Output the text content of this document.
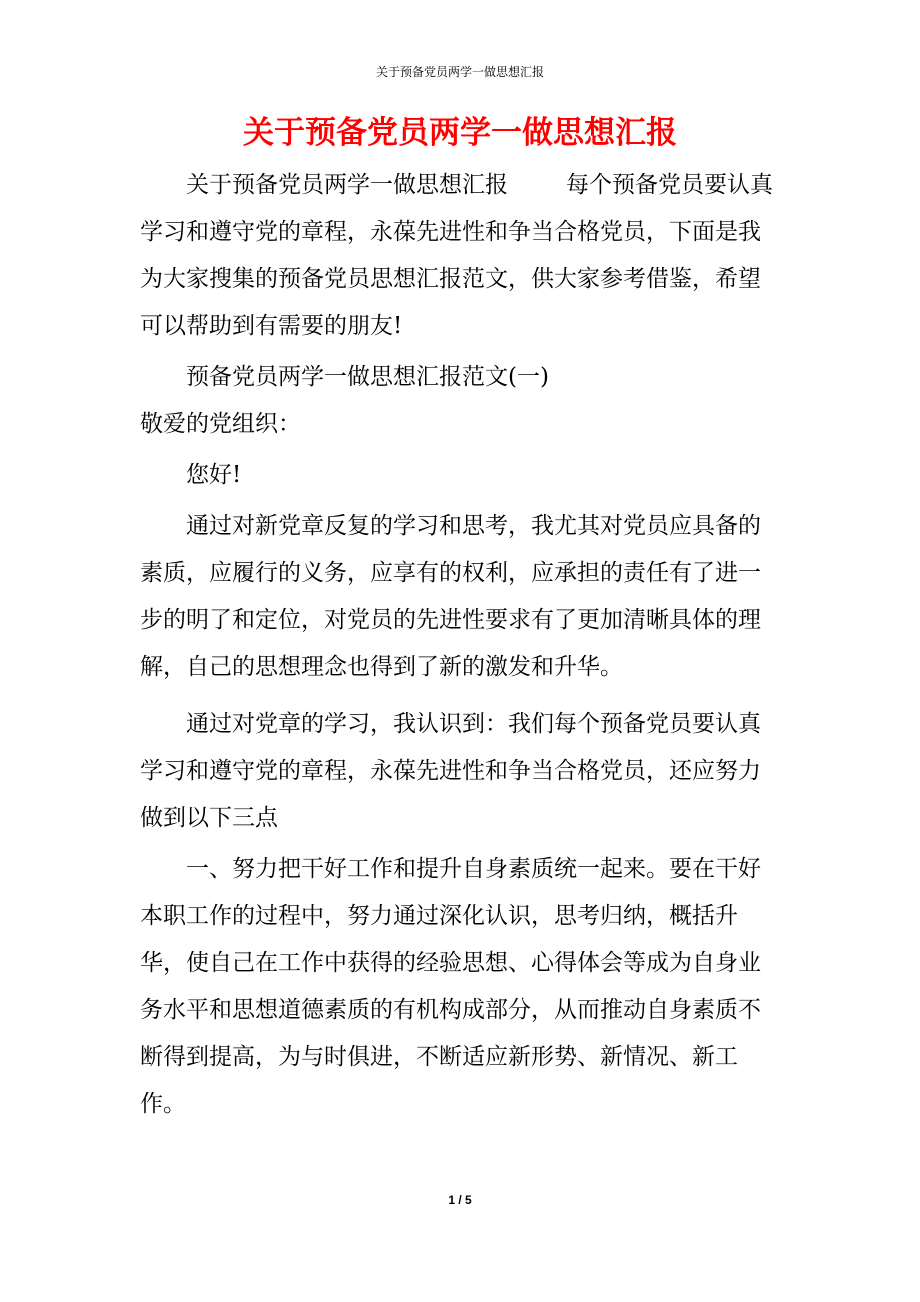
关于预备党员两学一做思想汇报
关于预备党员两学一做思想汇报

关于预备党员两学一做思想汇报	每个预备党员要认真学习和遵守党的章程，永葆先进性和争当合格党员，下面是我为大家搜集的预备党员思想汇报范文，供大家参考借鉴，希望可以帮助到有需要的朋友!

预备党员两学一做思想汇报范文(一)

敬爱的党组织：

您好!

通过对新党章反复的学习和思考，我尤其对党员应具备的素质，应履行的义务，应享有的权利，应承担的责任有了进一步的明了和定位，对党员的先进性要求有了更加清晰具体的理解，自己的思想理念也得到了新的激发和升华。

通过对党章的学习，我认识到：我们每个预备党员要认真学习和遵守党的章程，永葆先进性和争当合格党员，还应努力做到以下三点

一、努力把干好工作和提升自身素质统一起来。要在干好本职工作的过程中，努力通过深化认识，思考归纳，概括升华，使自己在工作中获得的经验思想、心得体会等成为自身业务水平和思想道德素质的有机构成部分，从而推动自身素质不断得到提高，为与时俱进，不断适应新形势、新情况、新工作。

1 / 5
